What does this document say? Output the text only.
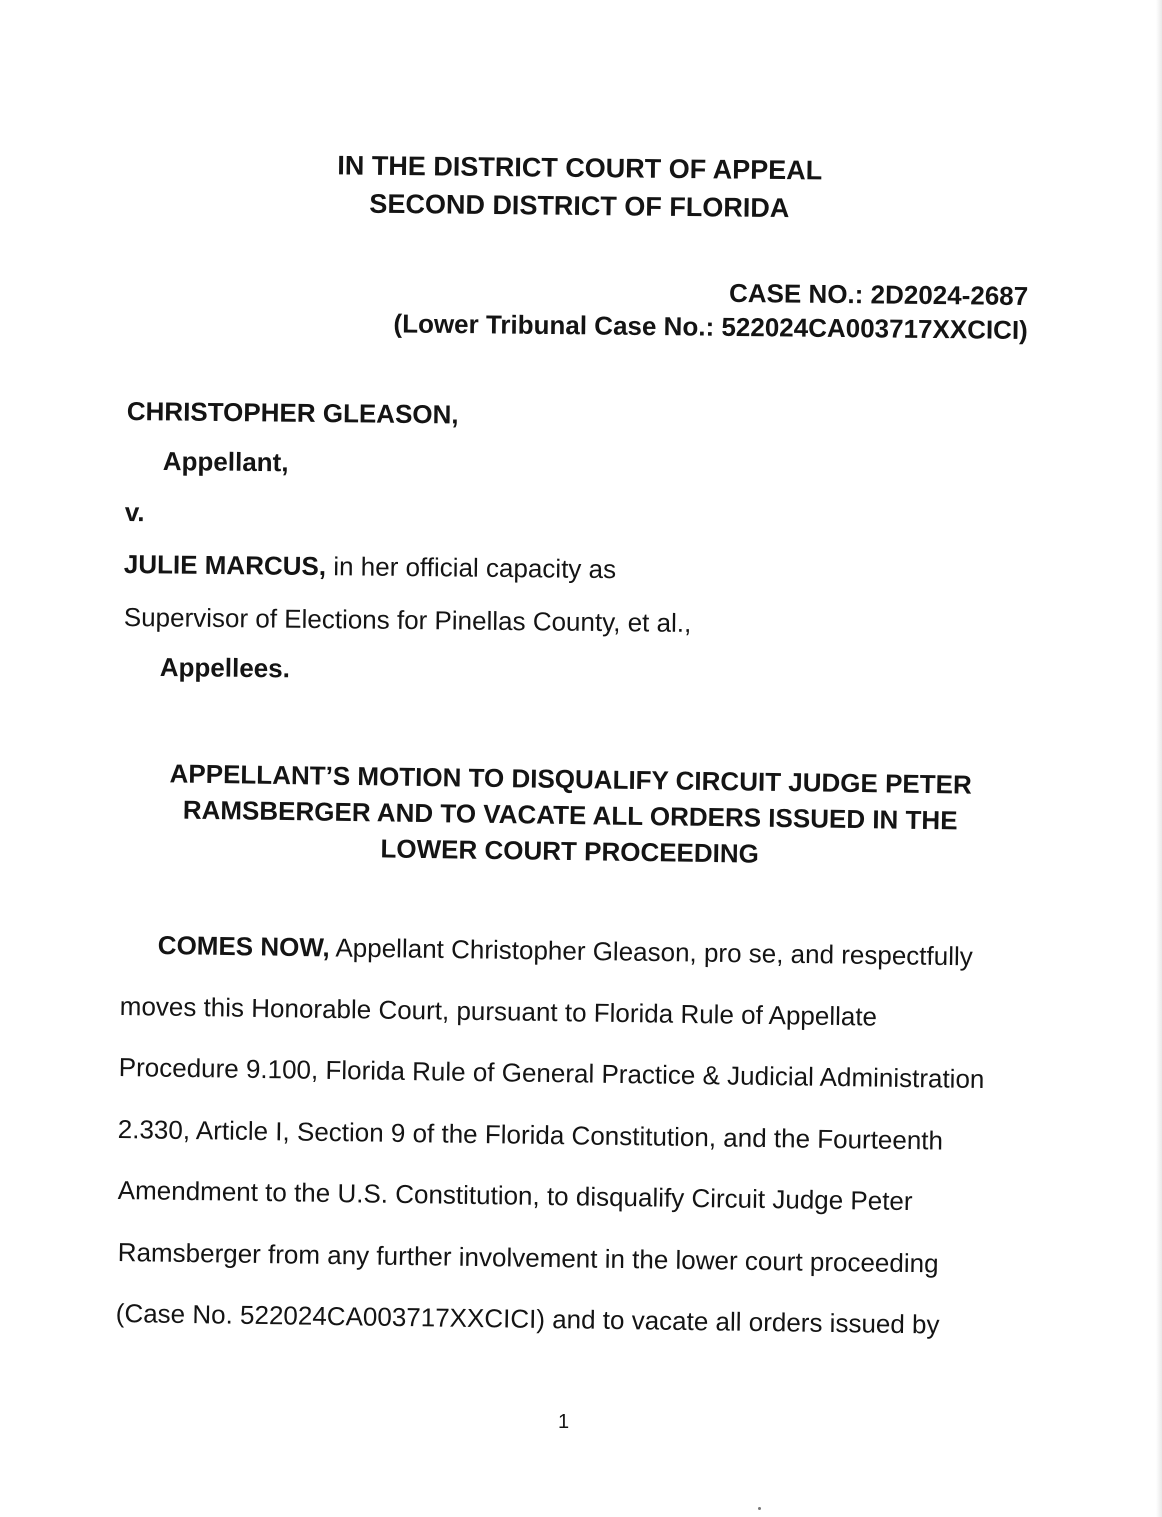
IN THE DISTRICT COURT OF APPEAL
SECOND DISTRICT OF FLORIDA
CASE NO.: 2D2024-2687
(Lower Tribunal Case No.: 522024CA003717XXCICI)
CHRISTOPHER GLEASON,
Appellant,
v.
JULIE MARCUS, in her official capacity as
Supervisor of Elections for Pinellas County, et al.,
Appellees.
APPELLANT’S MOTION TO DISQUALIFY CIRCUIT JUDGE PETER
RAMSBERGER AND TO VACATE ALL ORDERS ISSUED IN THE
LOWER COURT PROCEEDING
COMES NOW, Appellant Christopher Gleason, pro se, and respectfully
moves this Honorable Court, pursuant to Florida Rule of Appellate
Procedure 9.100, Florida Rule of General Practice & Judicial Administration
2.330, Article I, Section 9 of the Florida Constitution, and the Fourteenth
Amendment to the U.S. Constitution, to disqualify Circuit Judge Peter
Ramsberger from any further involvement in the lower court proceeding
(Case No. 522024CA003717XXCICI) and to vacate all orders issued by
1
